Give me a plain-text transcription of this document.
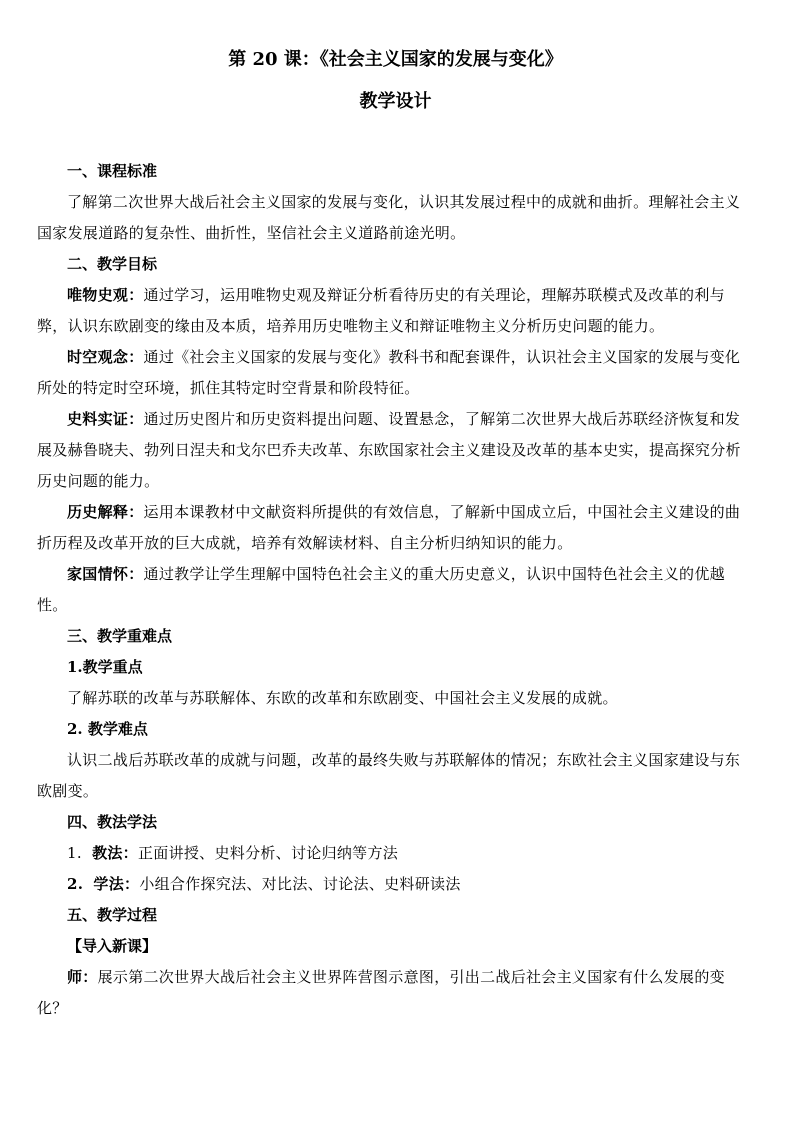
第 20 课：《社会主义国家的发展与变化》
教学设计

一、课程标准

了解第二次世界大战后社会主义国家的发展与变化，认识其发展过程中的成就和曲折。理解社会主义国家发展道路的复杂性、曲折性，坚信社会主义道路前途光明。

二、教学目标

唯物史观：通过学习，运用唯物史观及辩证分析看待历史的有关理论，理解苏联模式及改革的利与弊，认识东欧剧变的缘由及本质，培养用历史唯物主义和辩证唯物主义分析历史问题的能力。

时空观念：通过《社会主义国家的发展与变化》教科书和配套课件，认识社会主义国家的发展与变化所处的特定时空环境，抓住其特定时空背景和阶段特征。

史料实证：通过历史图片和历史资料提出问题、设置悬念，了解第二次世界大战后苏联经济恢复和发展及赫鲁晓夫、勃列日涅夫和戈尔巴乔夫改革、东欧国家社会主义建设及改革的基本史实，提高探究分析历史问题的能力。

历史解释：运用本课教材中文献资料所提供的有效信息，了解新中国成立后，中国社会主义建设的曲折历程及改革开放的巨大成就，培养有效解读材料、自主分析归纳知识的能力。

家国情怀：通过教学让学生理解中国特色社会主义的重大历史意义，认识中国特色社会主义的优越性。

三、教学重难点

1.教学重点

了解苏联的改革与苏联解体、东欧的改革和东欧剧变、中国社会主义发展的成就。

2. 教学难点

认识二战后苏联改革的成就与问题，改革的最终失败与苏联解体的情况；东欧社会主义国家建设与东欧剧变。

四、教法学法

1. 教法：正面讲授、史料分析、讨论归纳等方法

2. 学法：小组合作探究法、对比法、讨论法、史料研读法

五、教学过程

【导入新课】

师：展示第二次世界大战后社会主义世界阵营图示意图，引出二战后社会主义国家有什么发展的变化？
